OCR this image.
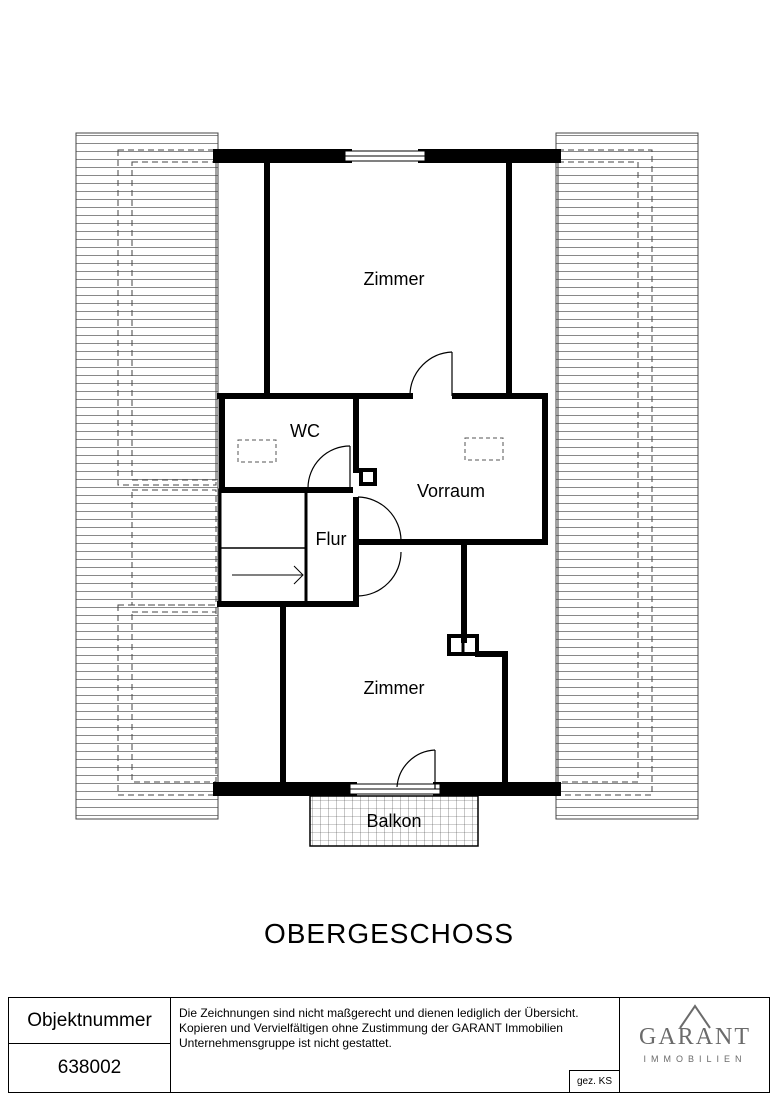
Zimmer
WC
Vorraum
Flur
Zimmer
Balkon
OBERGESCHOSS
Objektnummer
638002
Die Zeichnungen sind nicht maßgerecht und dienen lediglich der Übersicht.
Kopieren und Vervielfältigen ohne Zustimmung der GARANT Immobilien
Unternehmensgruppe ist nicht gestattet.
gez. KS
GARANT
IMMOBILIEN
